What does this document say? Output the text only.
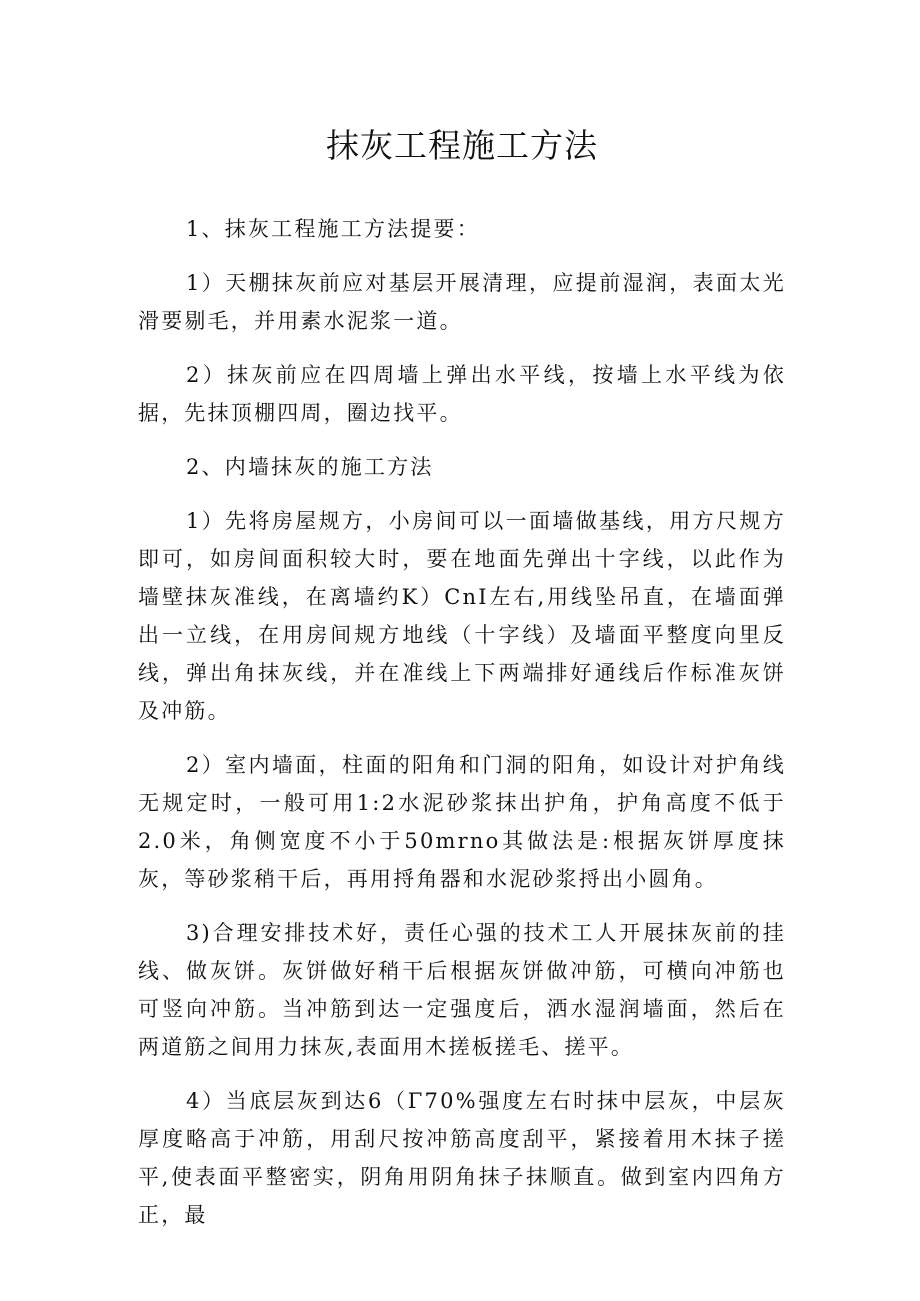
抹灰工程施工方法

1、抹灰工程施工方法提要：

1）天棚抹灰前应对基层开展清理，应提前湿润，表面太光滑要剔毛，并用素水泥浆一道。

2）抹灰前应在四周墙上弹出水平线，按墙上水平线为依据，先抹顶棚四周，圈边找平。

2、内墙抹灰的施工方法

1）先将房屋规方，小房间可以一面墙做基线，用方尺规方即可，如房间面积较大时，要在地面先弹出十字线，以此作为墙壁抹灰准线，在离墙约K）CnI左右,用线坠吊直，在墙面弹出一立线，在用房间规方地线（十字线）及墙面平整度向里反线，弹出角抹灰线，并在准线上下两端排好通线后作标准灰饼及冲筋。

2）室内墙面，柱面的阳角和门洞的阳角，如设计对护角线无规定时，一般可用1:2水泥砂浆抹出护角，护角高度不低于2.0米，角侧宽度不小于50mrno其做法是:根据灰饼厚度抹灰，等砂浆稍干后，再用捋角器和水泥砂浆捋出小圆角。

3)合理安排技术好，责任心强的技术工人开展抹灰前的挂线、做灰饼。灰饼做好稍干后根据灰饼做冲筋，可横向冲筋也可竖向冲筋。当冲筋到达一定强度后，洒水湿润墙面，然后在两道筋之间用力抹灰,表面用木搓板搓毛、搓平。

4）当底层灰到达6（Γ70%强度左右时抹中层灰，中层灰厚度略高于冲筋，用刮尺按冲筋高度刮平，紧接着用木抹子搓平,使表面平整密实，阴角用阴角抹子抹顺直。做到室内四角方正，最
